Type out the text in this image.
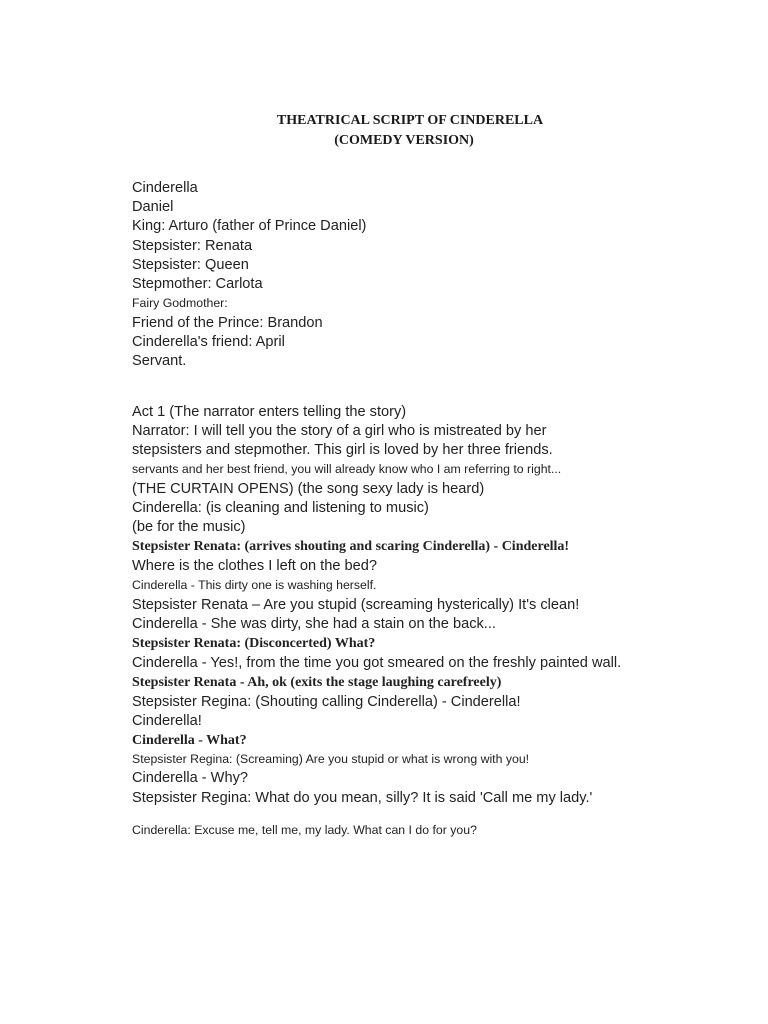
THEATRICAL SCRIPT OF CINDERELLA
(COMEDY VERSION)
Cinderella
Daniel
King: Arturo (father of Prince Daniel)
Stepsister: Renata
Stepsister: Queen
Stepmother: Carlota
Fairy Godmother:
Friend of the Prince: Brandon
Cinderella's friend: April
Servant.
Act 1 (The narrator enters telling the story)
Narrator: I will tell you the story of a girl who is mistreated by her
stepsisters and stepmother. This girl is loved by her three friends.
servants and her best friend, you will already know who I am referring to right...
(THE CURTAIN OPENS) (the song sexy lady is heard)
Cinderella: (is cleaning and listening to music)
(be for the music)
Stepsister Renata: (arrives shouting and scaring Cinderella) - Cinderella!
Where is the clothes I left on the bed?
Cinderella - This dirty one is washing herself.
Stepsister Renata – Are you stupid (screaming hysterically) It's clean!
Cinderella - She was dirty, she had a stain on the back...
Stepsister Renata: (Disconcerted) What?
Cinderella - Yes!, from the time you got smeared on the freshly painted wall.
Stepsister Renata - Ah, ok (exits the stage laughing carefreely)
Stepsister Regina: (Shouting calling Cinderella) - Cinderella!
Cinderella!
Cinderella - What?
Stepsister Regina: (Screaming) Are you stupid or what is wrong with you!
Cinderella - Why?
Stepsister Regina: What do you mean, silly? It is said 'Call me my lady.'
Cinderella: Excuse me, tell me, my lady. What can I do for you?
